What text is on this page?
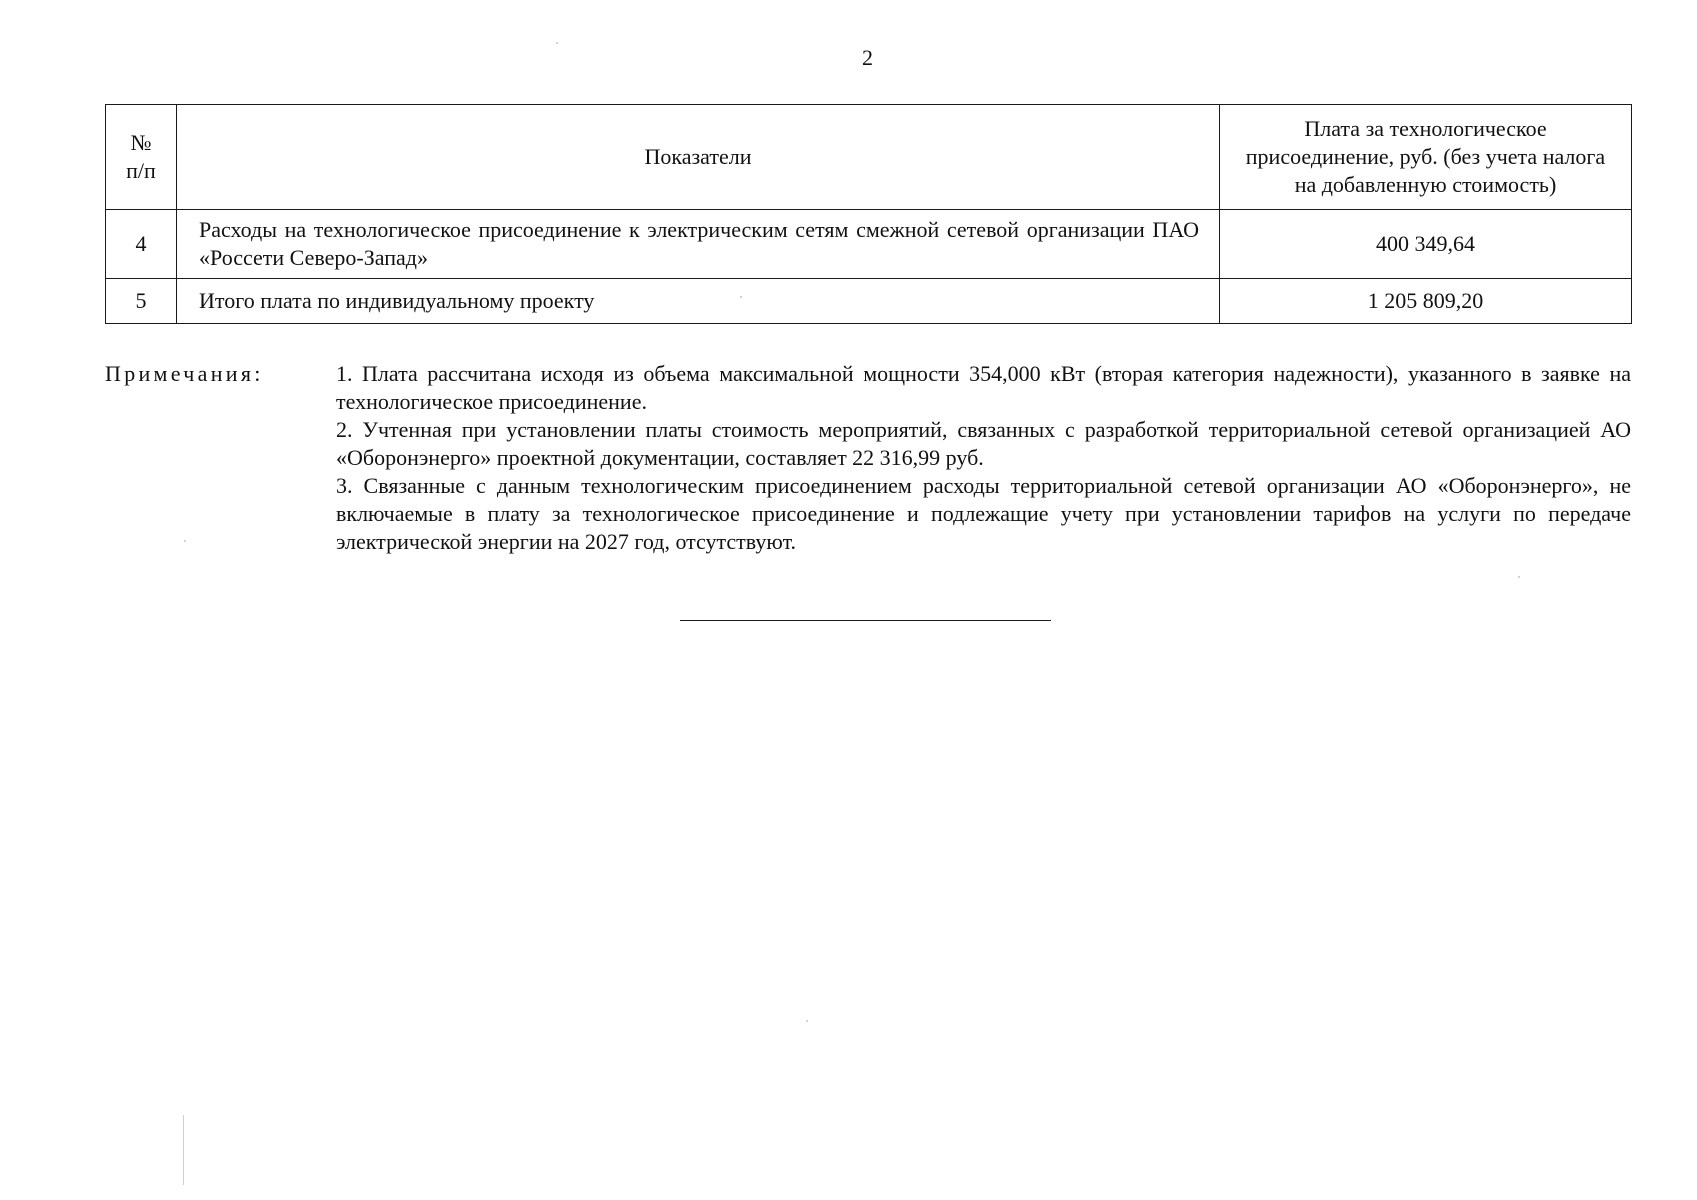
2
№
п/п	Показатели	Плата за технологическое присоединение, руб. (без учета налога на добавленную стоимость)
4	Расходы на технологическое присоединение к электрическим сетям смежной сетевой организации ПАО «Россети Северо-Запад»	400 349,64
5	Итого плата по индивидуальному проекту	1 205 809,20
Примечания:	1. Плата рассчитана исходя из объема максимальной мощности 354,000 кВт (вторая категория надежности), указанного в заявке на технологическое присоединение.

2. Учтенная при установлении платы стоимость мероприятий, связанных с разработкой территориальной сетевой организацией АО «Оборонэнерго» проектной документации, составляет 22 316,99 руб.

3. Связанные с данным технологическим присоединением расходы территориальной сетевой организации АО «Оборонэнерго», не включаемые в плату за технологическое присоединение и подлежащие учету при установлении тарифов на услуги по передаче электрической энергии на 2027 год, отсутствуют.
